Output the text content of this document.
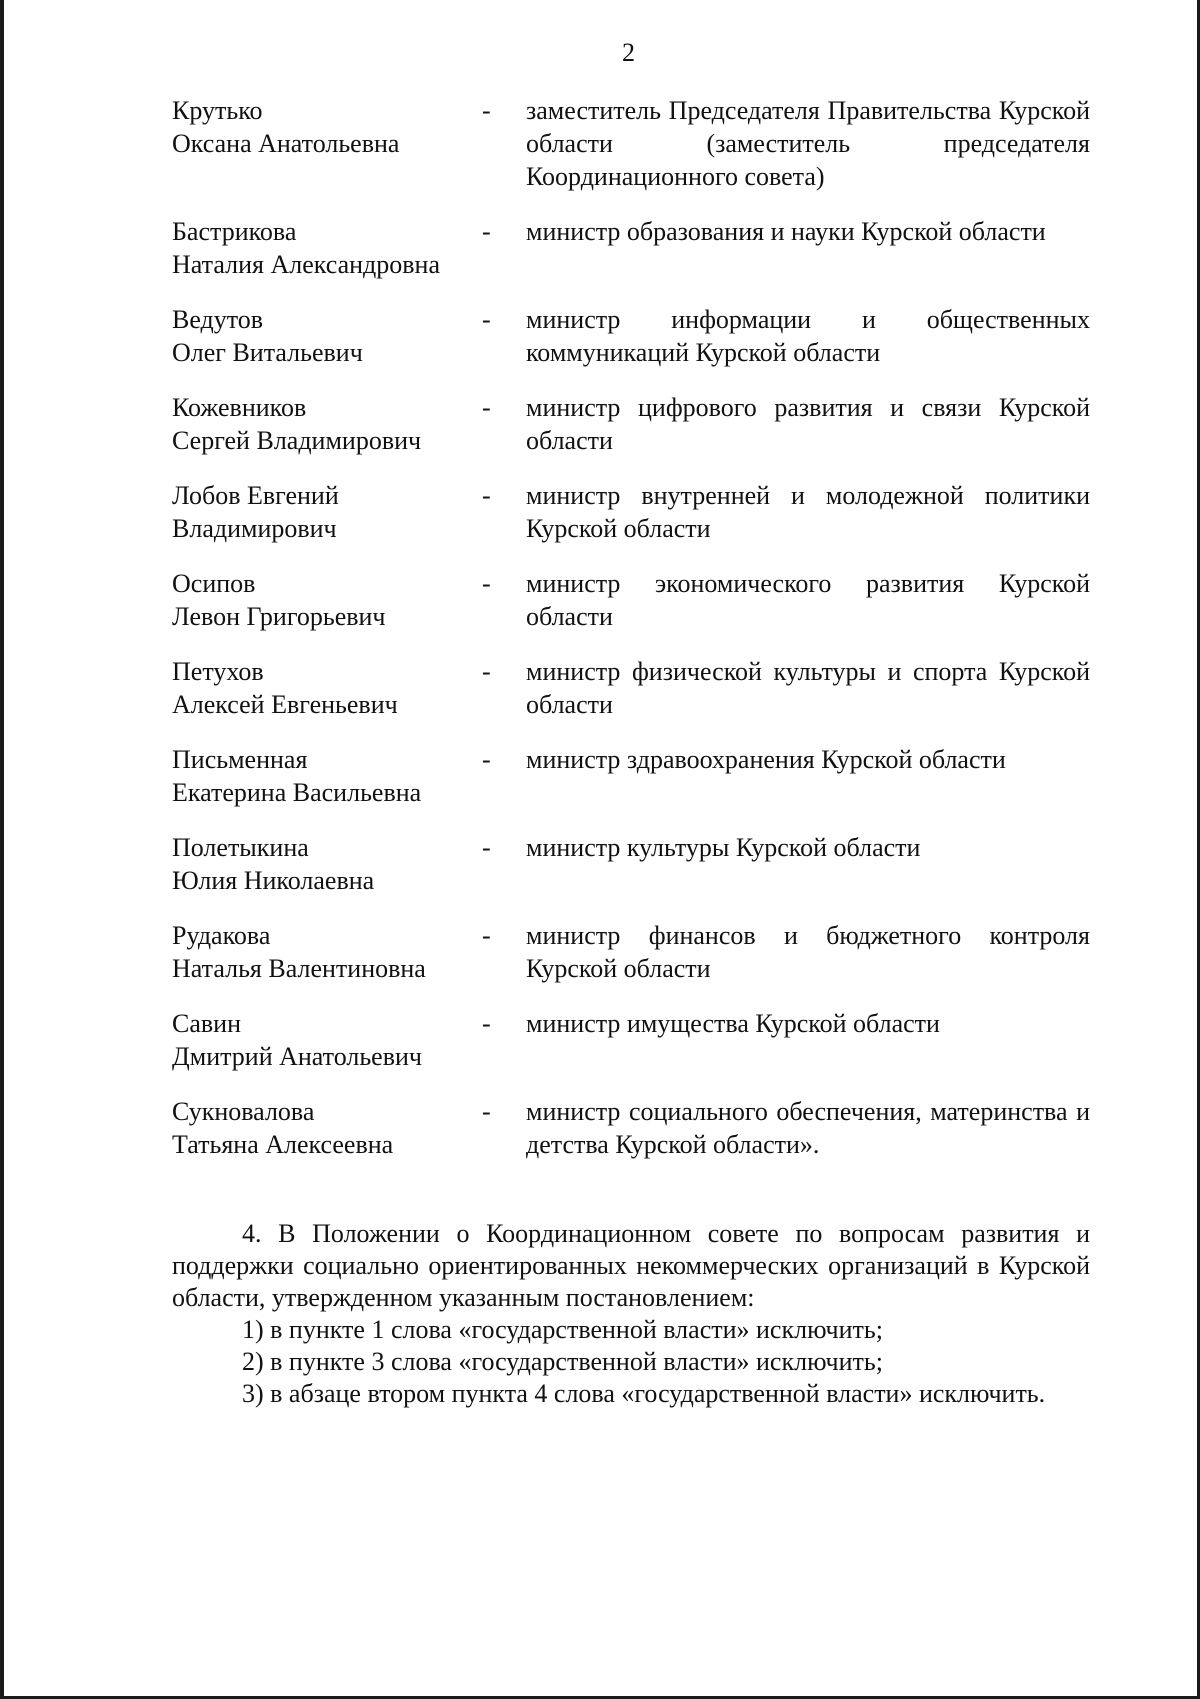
2
Крутько
Оксана Анатольевна
-	заместитель Председателя Правительства Курской области (заместитель председателя Координационного совета)
Бастрикова
Наталия Александровна
-	министр образования и науки Курской области
Ведутов
Олег Витальевич
-	министр информации и общественных коммуникаций Курской области
Кожевников
Сергей Владимирович
-	министр цифрового развития и связи Курской области
Лобов Евгений
Владимирович
-	министр внутренней и молодежной политики Курской области
Осипов
Левон Григорьевич
-	министр экономического развития Курской области
Петухов
Алексей Евгеньевич
-	министр физической культуры и спорта Курской области
Письменная
Екатерина Васильевна
-	министр здравоохранения Курской области
Полетыкина
Юлия Николаевна
-	министр культуры Курской области
Рудакова
Наталья Валентиновна
-	министр финансов и бюджетного контроля Курской области
Савин
Дмитрий Анатольевич
-	министр имущества Курской области
Сукновалова
Татьяна Алексеевна
-	министр социального обеспечения, материнства и детства Курской области».

4. В Положении о Координационном совете по вопросам развития и поддержки социально ориентированных некоммерческих организаций в Курской области, утвержденном указанным постановлением:

1) в пункте 1 слова «государственной власти» исключить;

2) в пункте 3 слова «государственной власти» исключить;

3) в абзаце втором пункта 4 слова «государственной власти» исключить.
